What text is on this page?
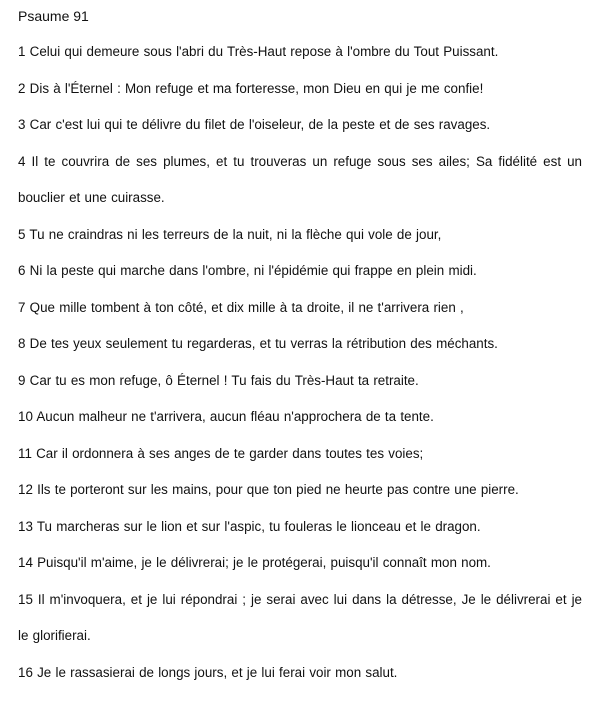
Psaume 91

1 Celui qui demeure sous l'abri du Très-Haut repose à l'ombre du Tout Puissant.

2 Dis à l'Éternel : Mon refuge et ma forteresse, mon Dieu en qui je me confie!

3 Car c'est lui qui te délivre du filet de l'oiseleur, de la peste et de ses ravages.

4 Il te couvrira de ses plumes, et tu trouveras un refuge sous ses ailes; Sa fidélité est un bouclier et une cuirasse.

5 Tu ne craindras ni les terreurs de la nuit, ni la flèche qui vole de jour,

6 Ni la peste qui marche dans l'ombre, ni l'épidémie qui frappe en plein midi.

7 Que mille tombent à ton côté, et dix mille à ta droite, il ne t'arrivera rien ,

8 De tes yeux seulement tu regarderas, et tu verras la rétribution des méchants.

9 Car tu es mon refuge, ô Éternel ! Tu fais du Très-Haut ta retraite.

10 Aucun malheur ne t'arrivera, aucun fléau n'approchera de ta tente.

11 Car il ordonnera à ses anges de te garder dans toutes tes voies;

12 Ils te porteront sur les mains, pour que ton pied ne heurte pas contre une pierre.

13 Tu marcheras sur le lion et sur l'aspic, tu fouleras le lionceau et le dragon.

14 Puisqu'il m'aime, je le délivrerai; je le protégerai, puisqu'il connaît mon nom.

15 Il m'invoquera, et je lui répondrai ; je serai avec lui dans la détresse, Je le délivrerai et je le glorifierai.

16 Je le rassasierai de longs jours, et je lui ferai voir mon salut.
